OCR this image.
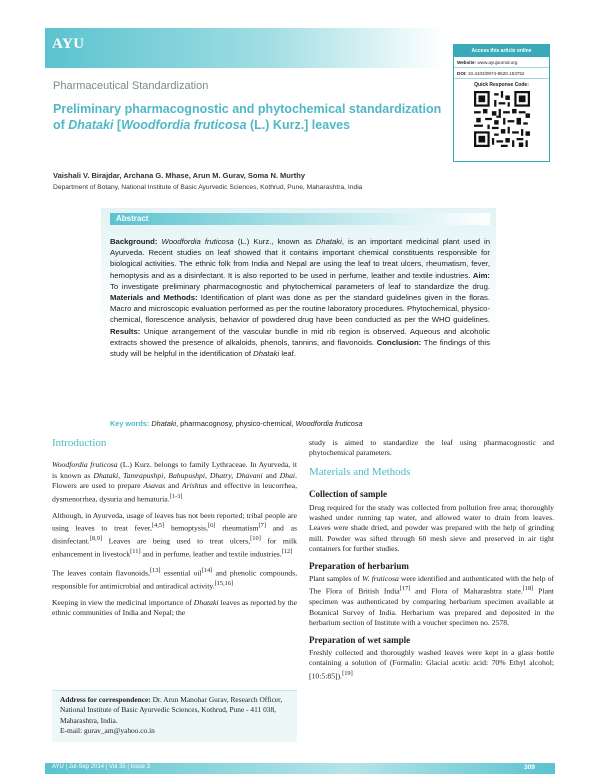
AYU	Access this article online
Website: www.ayujournal.org
DOI: 10.4103/0974-8520.153752
Quick Response Code:
Pharmaceutical Standardization
Preliminary pharmacognostic and phytochemical standardization of Dhataki [Woodfordia fruticosa (L.) Kurz.] leaves
Vaishali V. Birajdar, Archana G. Mhase, Arun M. Gurav, Soma N. Murthy
Department of Botany, National Institute of Basic Ayurvedic Sciences, Kothrud, Pune, Maharashtra, India
Abstract
Background: Woodfordia fruticosa (L.) Kurz., known as Dhataki, is an important medicinal plant used in Ayurveda. Recent studies on leaf showed that it contains important chemical constituents responsible for biological activities. The ethnic folk from India and Nepal are using the leaf to treat ulcers, rheumatism, fever, hemoptysis and as a disinfectant. It is also reported to be used in perfume, leather and textile industries. Aim: To investigate preliminary pharmacognostic and phytochemical parameters of leaf to standardize the drug. Materials and Methods: Identification of plant was done as per the standard guidelines given in the floras. Macro and microscopic evaluation performed as per the routine laboratory procedures. Phytochemical, physico-chemical, florescence analysis, behavior of powdered drug have been conducted as per the WHO guidelines. Results: Unique arrangement of the vascular bundle in mid rib region is observed. Aqueous and alcoholic extracts showed the presence of alkaloids, phenols, tannins, and flavonoids. Conclusion: The findings of this study will be helpful in the identification of Dhataki leaf.
Key words: Dhataki, pharmacognosy, physico-chemical, Woodfordia fruticosa
Introduction

Woodfordia fruticosa (L.) Kurz. belongs to family Lythraceae. In Ayurveda, it is known as Dhataki, Tamrapushpi, Bahupushpi, Dhatry, Dhavani and Dhai. Flowers are used to prepare Asavas and Arishtas and effective in leucorrhea, dysmenorrhea, dysuria and hematuria.[1-3]

Although, in Ayurveda, usage of leaves has not been reported; tribal people are using leaves to treat fever,[4,5] hemoptysis,[6] rheumatism[7] and as disinfectant.[8,9] Leaves are being used to treat ulcers,[10] for milk enhancement in livestock[11] and in perfume, leather and textile industries.[12]

The leaves contain flavonoids,[13] essential oil[14] and phenolic compounds, responsible for antimicrobial and antiradical activity.[15,16]

Keeping in view the medicinal importance of Dhataki leaves as reported by the ethnic communities of India and Nepal; the

Address for correspondence: Dr. Arun Manohar Gurav, Research Officer, National Institute of Basic Ayurvedic Sciences, Kothrud, Pune - 411 038, Maharashtra, India.
E-mail: gurav_am@yahoo.co.in

study is aimed to standardize the leaf using pharmacognostic and phytochemical parameters.

Materials and Methods
Collection of sample

Drug required for the study was collected from pollution free area; thoroughly washed under running tap water, and allowed water to drain from leaves. Leaves were shade dried, and powder was prepared with the help of grinding mill. Powder was sifted through 60 mesh sieve and preserved in air tight containers for further studies.

Preparation of herbarium

Plant samples of W. fruticosa were identified and authenticated with the help of The Flora of British India[17] and Flora of Maharashtra state.[18] Plant specimen was authenticated by comparing herbarium specimen available at Botanical Survey of India. Herbarium was prepared and deposited in the herbarium section of Institute with a voucher specimen no. 2578.

Preparation of wet sample

Freshly collected and thoroughly washed leaves were kept in a glass bottle containing a solution of (Formalin: Glacial acetic acid: 70% Ethyl alcohol; [10:5:85]).[19]

AYU | Jul-Sep 2014 | Vol 35 | Issue 3	309
